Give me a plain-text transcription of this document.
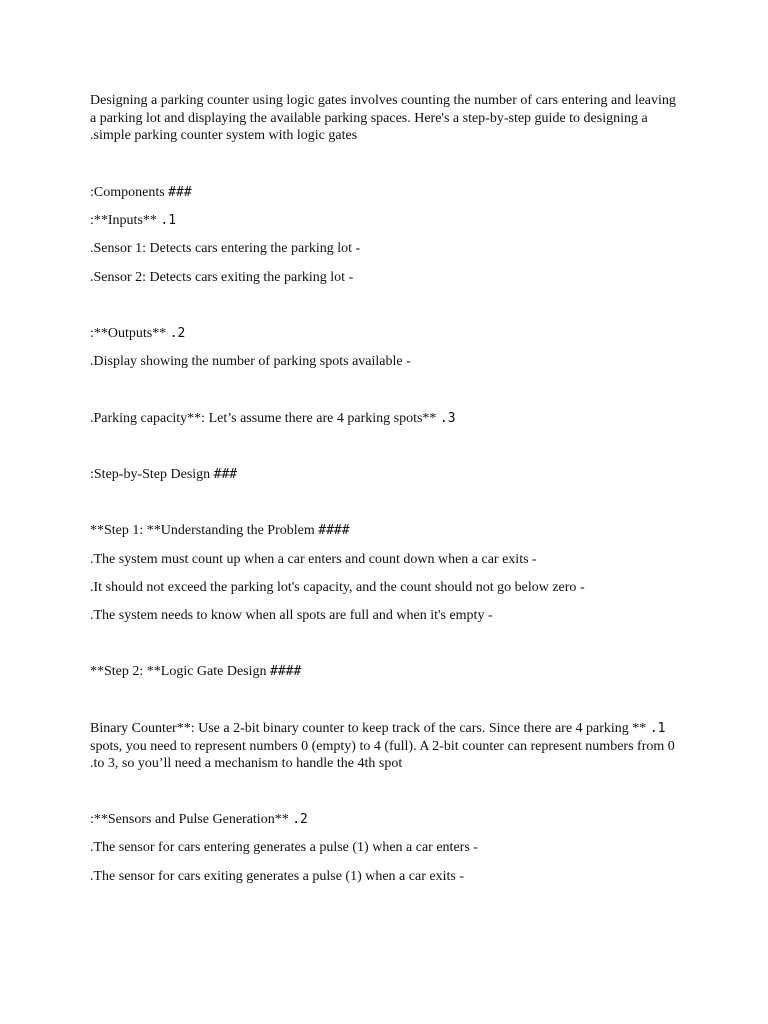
Designing a parking counter using logic gates involves counting the number of cars entering and leaving
a parking lot and displaying the available parking spaces. Here's a step-by-step guide to designing a
.simple parking counter system with logic gates
:Components ###
:**Inputs** .1
.Sensor 1: Detects cars entering the parking lot -
.Sensor 2: Detects cars exiting the parking lot -
:**Outputs** .2
.Display showing the number of parking spots available -
.Parking capacity**: Let’s assume there are 4 parking spots** .3
:Step-by-Step Design ###
**Step 1: **Understanding the Problem ####
.The system must count up when a car enters and count down when a car exits -
.It should not exceed the parking lot's capacity, and the count should not go below zero -
.The system needs to know when all spots are full and when it's empty -
**Step 2: **Logic Gate Design ####
Binary Counter**: Use a 2-bit binary counter to keep track of the cars. Since there are 4 parking ** .1
spots, you need to represent numbers 0 (empty) to 4 (full). A 2-bit counter can represent numbers from 0
.to 3, so you’ll need a mechanism to handle the 4th spot
:**Sensors and Pulse Generation** .2
.The sensor for cars entering generates a pulse (1) when a car enters -
.The sensor for cars exiting generates a pulse (1) when a car exits -
